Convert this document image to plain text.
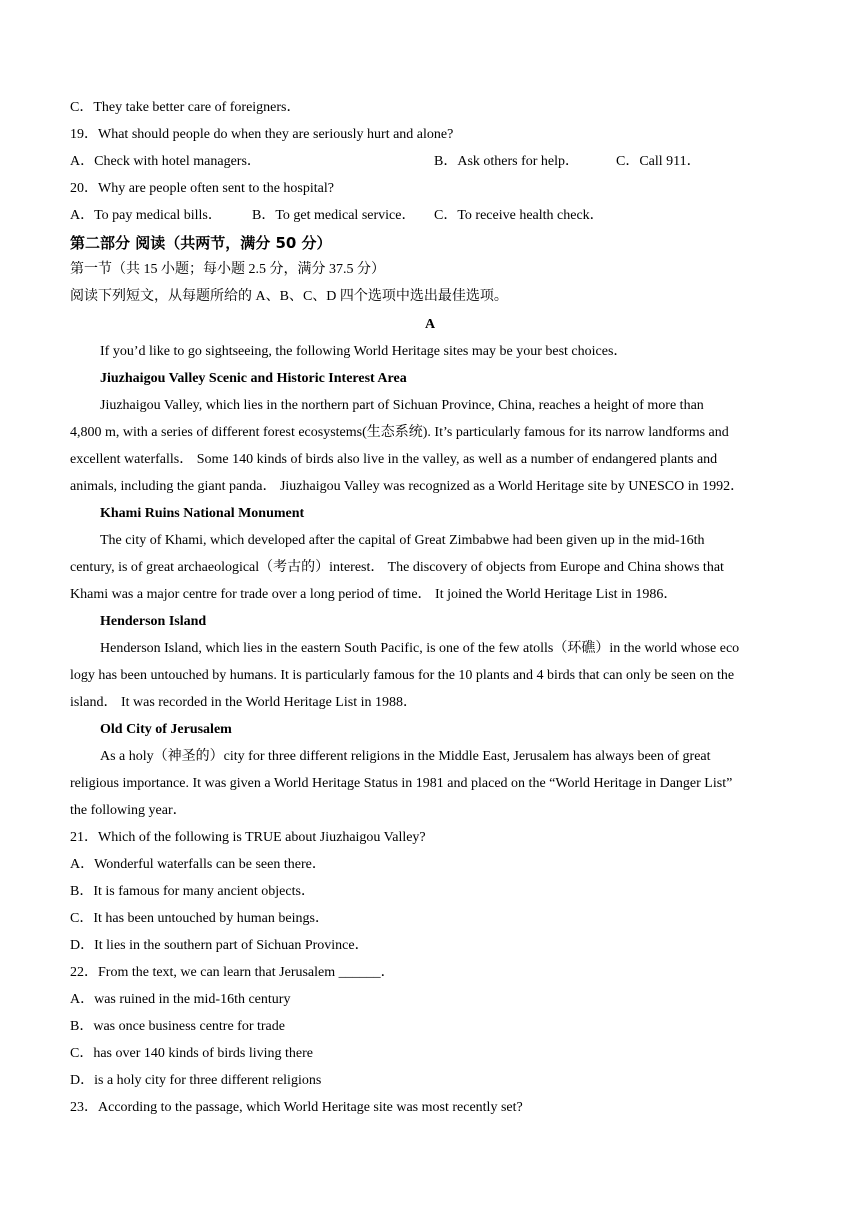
C．They take better care of foreigners．
19．What should people do when they are seriously hurt and alone?
A．Check with hotel managers．	B．Ask others for help．	C．Call 911．
20．Why are people often sent to the hospital?
A．To pay medical bills． B．To get medical service． C．To receive health check．
第二部分 阅读（共两节，满分 50 分）
第一节（共 15 小题；每小题 2.5 分，满分 37.5 分）
阅读下列短文，从每题所给的 A、B、C、D 四个选项中选出最佳选项。
A
If you’d like to go sightseeing, the following World Heritage sites may be your best choices．
Jiuzhaigou Valley Scenic and Historic Interest Area
Jiuzhaigou Valley, which lies in the northern part of Sichuan Province, China, reaches a height of more than
4,800 m, with a series of different forest ecosystems(生态系统). It’s particularly famous for its narrow landforms and
excellent waterfalls． Some 140 kinds of birds also live in the valley, as well as a number of endangered plants and
animals, including the giant panda． Jiuzhaigou Valley was recognized as a World Heritage site by UNESCO in 1992．
Khami Ruins National Monument
The city of Khami, which developed after the capital of Great Zimbabwe had been given up in the mid-16th
century, is of great archaeological（考古的）interest． The discovery of objects from Europe and China shows that
Khami was a major centre for trade over a long period of time． It joined the World Heritage List in 1986．
Henderson Island
Henderson Island, which lies in the eastern South Pacific, is one of the few atolls（环礁）in the world whose eco
logy has been untouched by humans. It is particularly famous for the 10 plants and 4 birds that can only be seen on the
island． It was recorded in the World Heritage List in 1988．
Old City of Jerusalem
As a holy（神圣的）city for three different religions in the Middle East, Jerusalem has always been of great
religious importance. It was given a World Heritage Status in 1981 and placed on the “World Heritage in Danger List”
the following year．
21．Which of the following is TRUE about Jiuzhaigou Valley?
A．Wonderful waterfalls can be seen there．
B．It is famous for many ancient objects．
C．It has been untouched by human beings．
D．It lies in the southern part of Sichuan Province．
22．From the text, we can learn that Jerusalem ______．
A．was ruined in the mid-16th century
B．was once business centre for trade
C．has over 140 kinds of birds living there
D．is a holy city for three different religions
23．According to the passage, which World Heritage site was most recently set?
